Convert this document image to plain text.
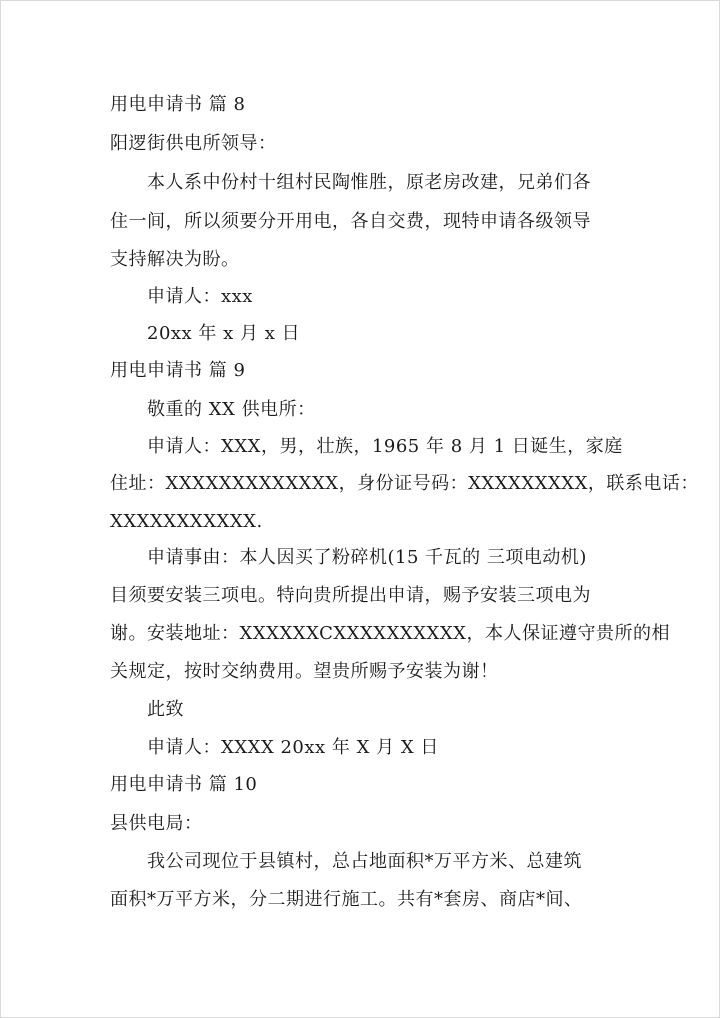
用电申请书 篇 8
阳逻街供电所领导：
本人系中份村十组村民陶惟胜，原老房改建，兄弟们各
住一间，所以须要分开用电，各自交费，现特申请各级领导
支持解决为盼。
申请人：xxx
20xx 年 x 月 x 日
用电申请书 篇 9
敬重的 XX 供电所：
申请人：XXX，男，壮族，1965 年 8 月 1 日诞生，家庭
住址：XXXXXXXXXXXXX，身份证号码：XXXXXXXXX，联系电话：
XXXXXXXXXXX.
申请事由：本人因买了粉碎机(15 千瓦的 三项电动机)
目须要安装三项电。特向贵所提出申请，赐予安装三项电为
谢。安装地址：XXXXXXCXXXXXXXXXX，本人保证遵守贵所的相
关规定，按时交纳费用。望贵所赐予安装为谢！
此致
申请人：XXXX 20xx 年 X 月 X 日
用电申请书 篇 10
县供电局：
我公司现位于县镇村，总占地面积*万平方米、总建筑
面积*万平方米，分二期进行施工。共有*套房、商店*间、
